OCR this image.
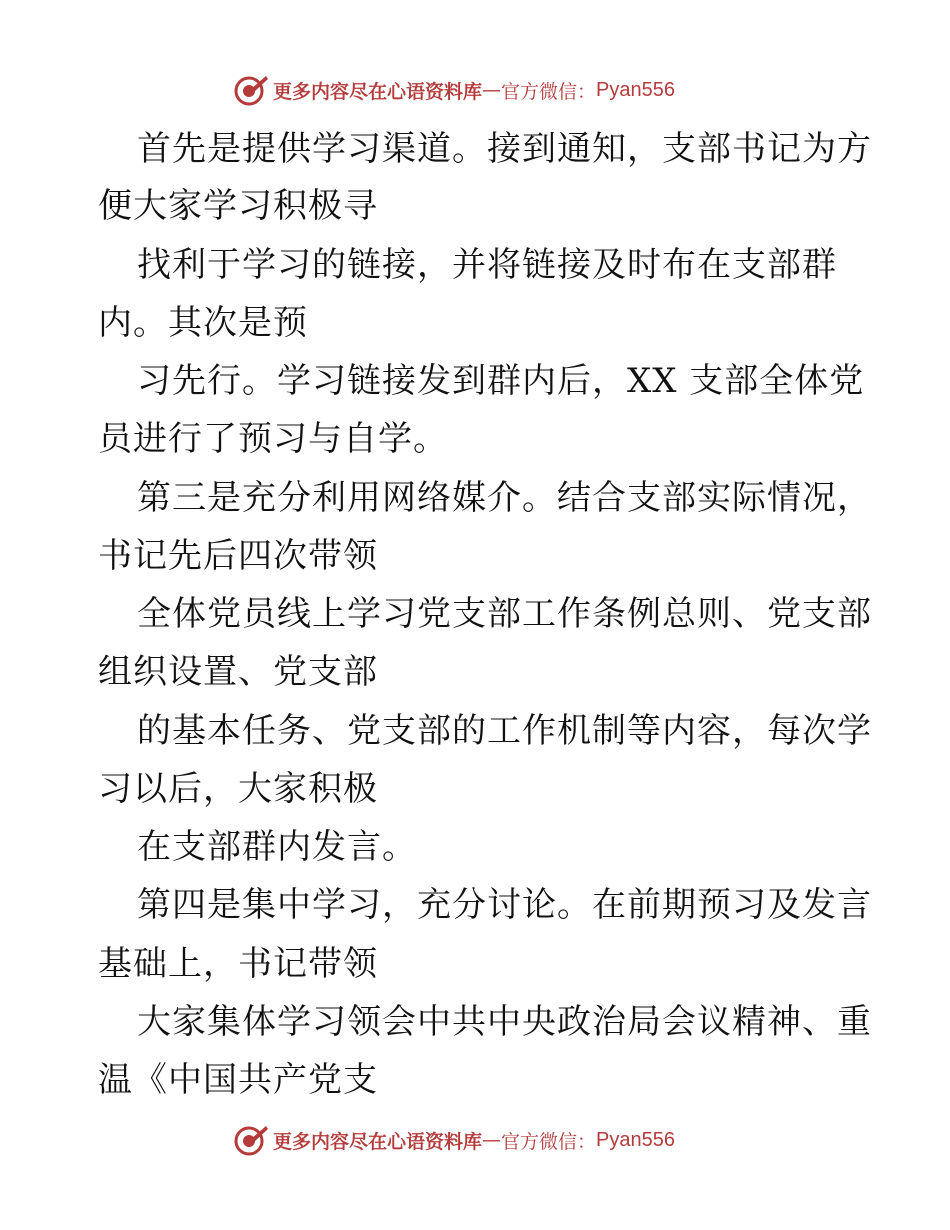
更多内容尽在心语资料库 — 官方微信： Pyan556
首先是提供学习渠道。接到通知，支部书记为方
便大家学习积极寻
找利于学习的链接，并将链接及时布在支部群
内。其次是预
习先行。学习链接发到群内后，XX 支部全体党
员进行了预习与自学。
第三是充分利用网络媒介。结合支部实际情况，
书记先后四次带领
全体党员线上学习党支部工作条例总则、党支部
组织设置、党支部
的基本任务、党支部的工作机制等内容，每次学
习以后，大家积极
在支部群内发言。
第四是集中学习，充分讨论。在前期预习及发言
基础上，书记带领
大家集体学习领会中共中央政治局会议精神、重
温《中国共产党支
更多内容尽在心语资料库 — 官方微信： Pyan556
